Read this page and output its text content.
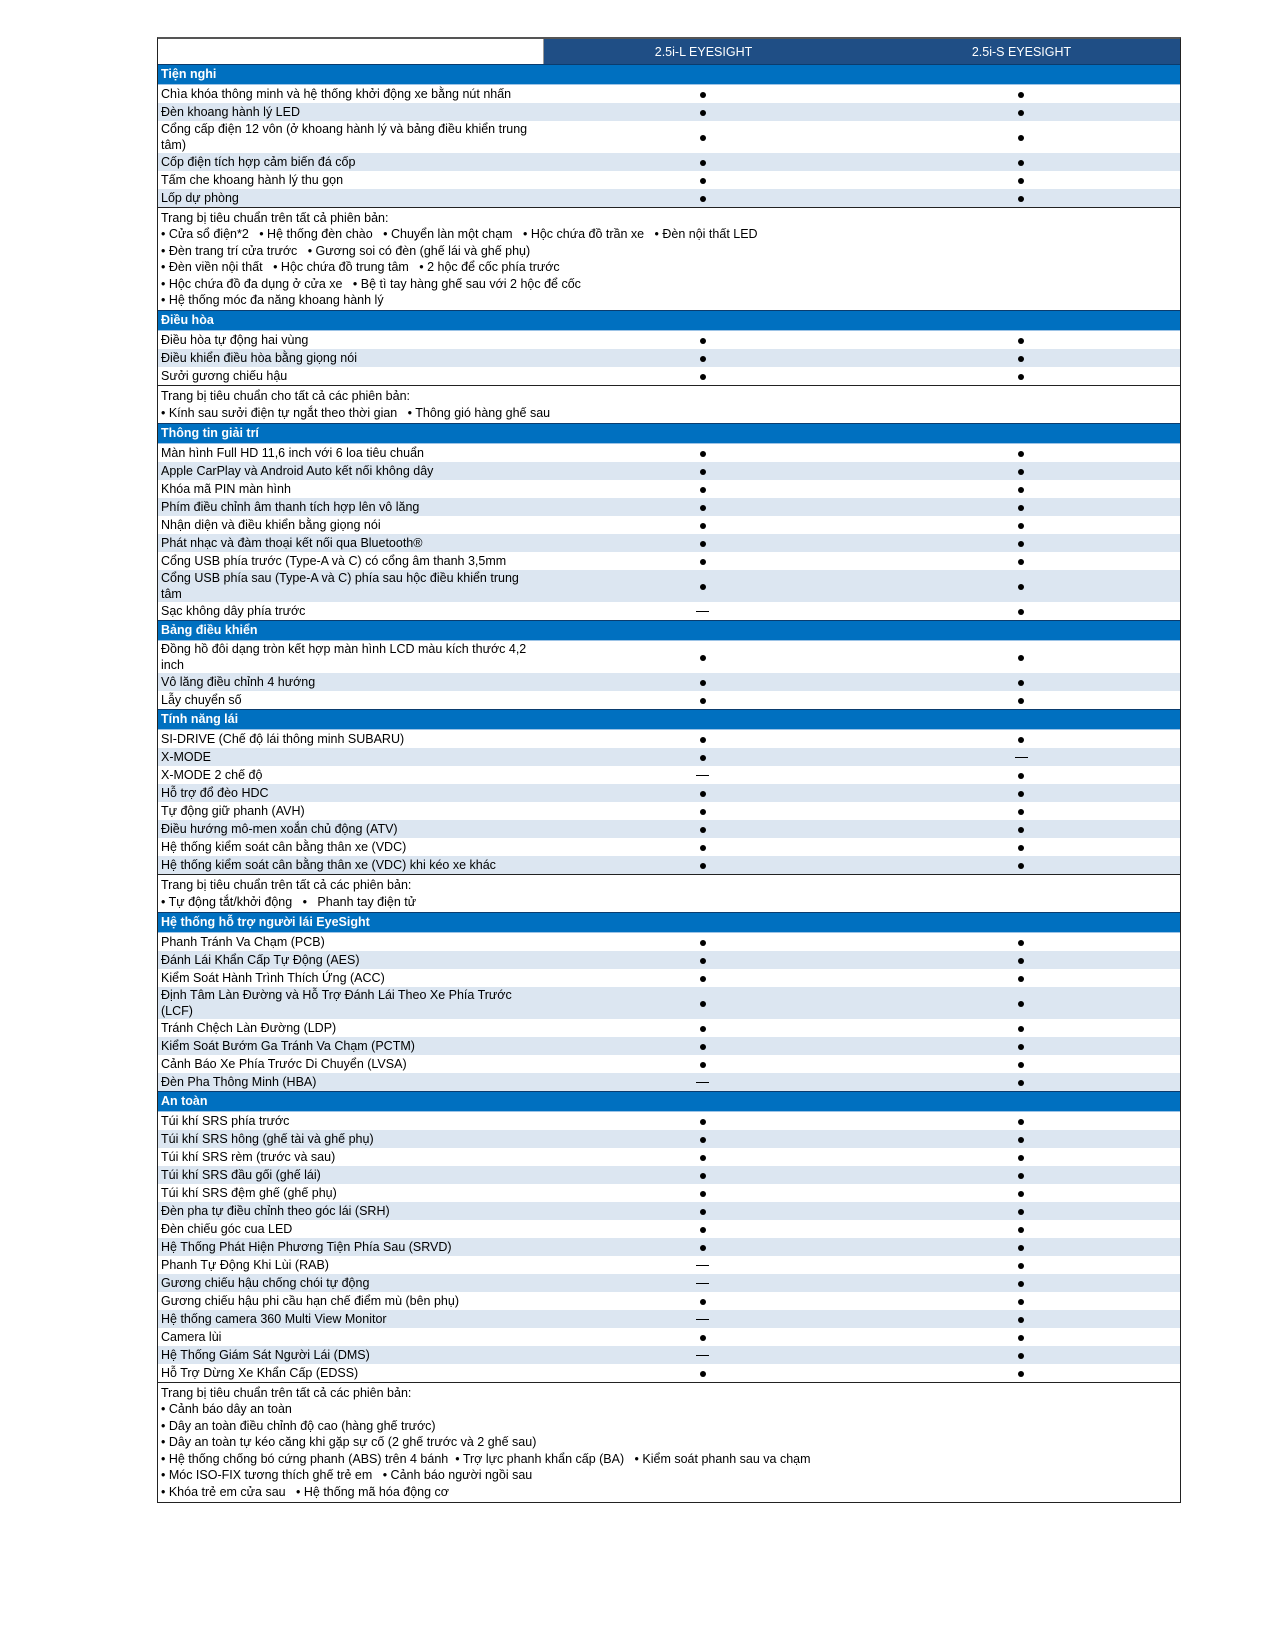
2.5i-L EYESIGHT	2.5i-S EYESIGHT
Tiện nghi
Chìa khóa thông minh và hệ thống khởi động xe bằng nút nhấn
Đèn khoang hành lý LED
Cổng cấp điện 12 vôn (ở khoang hành lý và bảng điều khiển trung tâm)
Cốp điện tích hợp cảm biến đá cốp
Tấm che khoang hành lý thu gọn
Lốp dự phòng
Trang bị tiêu chuẩn trên tất cả phiên bản:
• Cửa sổ điện*2   • Hệ thống đèn chào   • Chuyển làn một chạm   • Hộc chứa đồ trần xe   • Đèn nội thất LED
• Đèn trang trí cửa trước   • Gương soi có đèn (ghế lái và ghế phụ)
• Đèn viền nội thất   • Hộc chứa đồ trung tâm   • 2 hộc để cốc phía trước
• Hộc chứa đồ đa dụng ở cửa xe   • Bệ tì tay hàng ghế sau với 2 hộc để cốc
• Hệ thống móc đa năng khoang hành lý
Điều hòa
Điều hòa tự động hai vùng
Điều khiển điều hòa bằng giọng nói
Sưởi gương chiếu hậu
Trang bị tiêu chuẩn cho tất cả các phiên bản:
• Kính sau sưởi điện tự ngắt theo thời gian   • Thông gió hàng ghế sau
Thông tin giải trí
Màn hình Full HD 11,6 inch với 6 loa tiêu chuẩn
Apple CarPlay và Android Auto kết nối không dây
Khóa mã PIN màn hình
Phím điều chỉnh âm thanh tích hợp lên vô lăng
Nhận diện và điều khiển bằng giọng nói
Phát nhạc và đàm thoại kết nối qua Bluetooth®
Cổng USB phía trước (Type-A và C) có cổng âm thanh 3,5mm
Cổng USB phía sau (Type-A và C) phía sau hộc điều khiển trung tâm
Sạc không dây phía trước
Bảng điều khiển
Đồng hồ đôi dạng tròn kết hợp màn hình LCD màu kích thước 4,2 inch
Vô lăng điều chỉnh 4 hướng
Lẫy chuyển số
Tính năng lái
SI-DRIVE (Chế độ lái thông minh SUBARU)
X-MODE
X-MODE 2 chế độ
Hỗ trợ đổ đèo HDC
Tự động giữ phanh (AVH)
Điều hướng mô-men xoắn chủ động (ATV)
Hệ thống kiểm soát cân bằng thân xe (VDC)
Hệ thống kiểm soát cân bằng thân xe (VDC) khi kéo xe khác
Trang bị tiêu chuẩn trên tất cả các phiên bản:
• Tự động tắt/khởi động   •   Phanh tay điện tử
Hệ thống hỗ trợ người lái EyeSight
Phanh Tránh Va Chạm (PCB)
Đánh Lái Khẩn Cấp Tự Động (AES)
Kiểm Soát Hành Trình Thích Ứng (ACC)
Định Tâm Làn Đường và Hỗ Trợ Đánh Lái Theo Xe Phía Trước (LCF)
Tránh Chệch Làn Đường (LDP)
Kiểm Soát Bướm Ga Tránh Va Chạm (PCTM)
Cảnh Báo Xe Phía Trước Di Chuyển (LVSA)
Đèn Pha Thông Minh (HBA)
An toàn
Túi khí SRS phía trước
Túi khí SRS hông (ghế tài và ghế phụ)
Túi khí SRS rèm (trước và sau)
Túi khí SRS đầu gối (ghế lái)
Túi khí SRS đệm ghế (ghế phụ)
Đèn pha tự điều chỉnh theo góc lái (SRH)
Đèn chiếu góc cua LED
Hệ Thống Phát Hiện Phương Tiện Phía Sau (SRVD)
Phanh Tự Động Khi Lùi (RAB)
Gương chiếu hậu chống chói tự động
Gương chiếu hậu phi cầu hạn chế điểm mù (bên phụ)
Hệ thống camera 360 Multi View Monitor
Camera lùi
Hệ Thống Giám Sát Người Lái (DMS)
Hỗ Trợ Dừng Xe Khẩn Cấp (EDSS)
Trang bị tiêu chuẩn trên tất cả các phiên bản:
• Cảnh báo dây an toàn
• Dây an toàn điều chỉnh độ cao (hàng ghế trước)
• Dây an toàn tự kéo căng khi gặp sự cố (2 ghế trước và 2 ghế sau)
• Hệ thống chống bó cứng phanh (ABS) trên 4 bánh  • Trợ lực phanh khẩn cấp (BA)   • Kiểm soát phanh sau va chạm
• Móc ISO-FIX tương thích ghế trẻ em   • Cảnh báo người ngồi sau
• Khóa trẻ em cửa sau   • Hệ thống mã hóa động cơ
